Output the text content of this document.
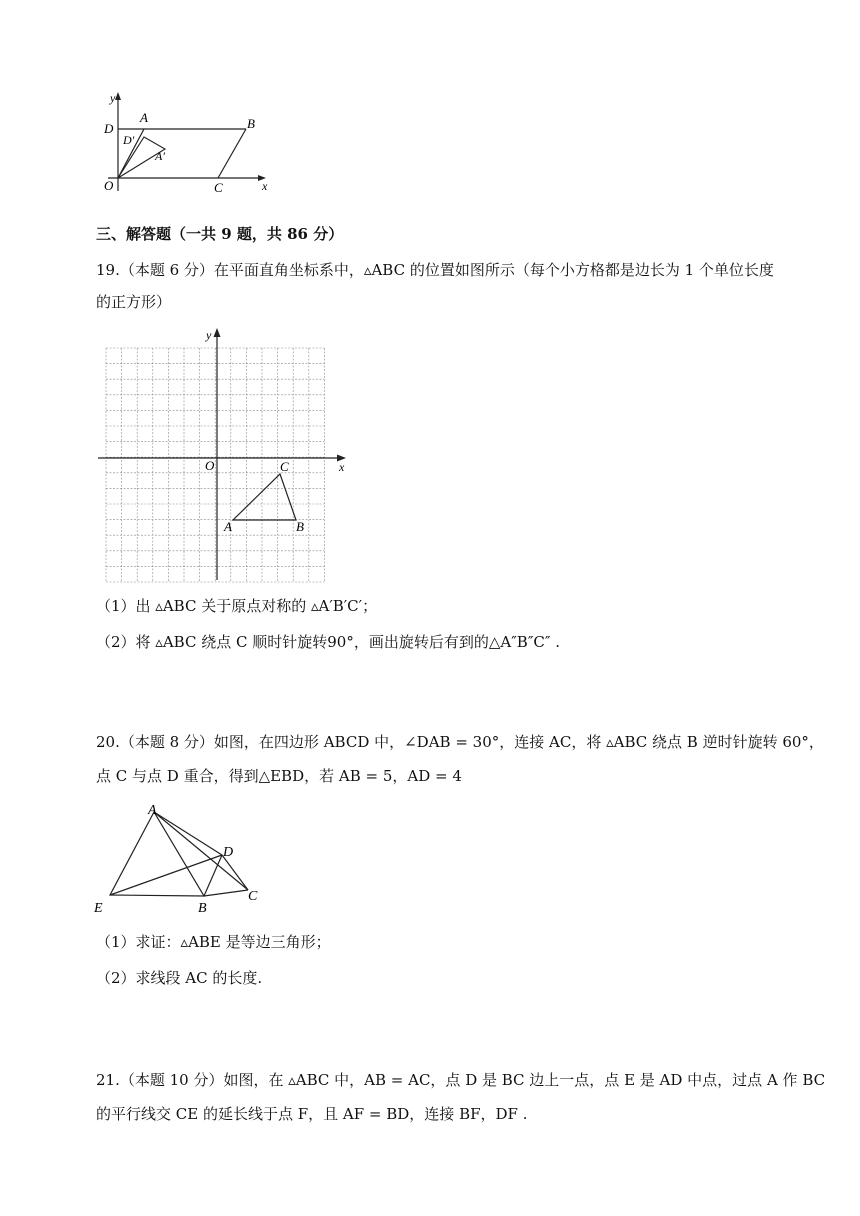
y
x
D
A	B
D′
A′
O	C
三、解答题（一共 9 题，共 86 分）
19.（本题 6 分）在平面直角坐标系中，▵ABC 的位置如图所示（每个小方格都是边长为 1 个单位长度
的正方形）
y
x
O
A	B
C
（1）出 ▵ABC 关于原点对称的 ▵A′B′C′；
（2）将 ▵ABC 绕点 C 顺时针旋转90°，画出旋转后有到的△A″B″C″ .
20.（本题 8 分）如图，在四边形 ABCD 中，∠DAB = 30°，连接 AC，将 ▵ABC 绕点 B 逆时针旋转 60°，
点 C 与点 D 重合，得到△EBD，若 AB = 5，AD = 4
A
D
E	B
C
（1）求证：▵ABE 是等边三角形；
（2）求线段 AC 的长度.
21.（本题 10 分）如图，在 ▵ABC 中，AB = AC，点 D 是 BC 边上一点，点 E 是 AD 中点，过点 A 作 BC
的平行线交 CE 的延长线于点 F，且 AF = BD，连接 BF，DF .
